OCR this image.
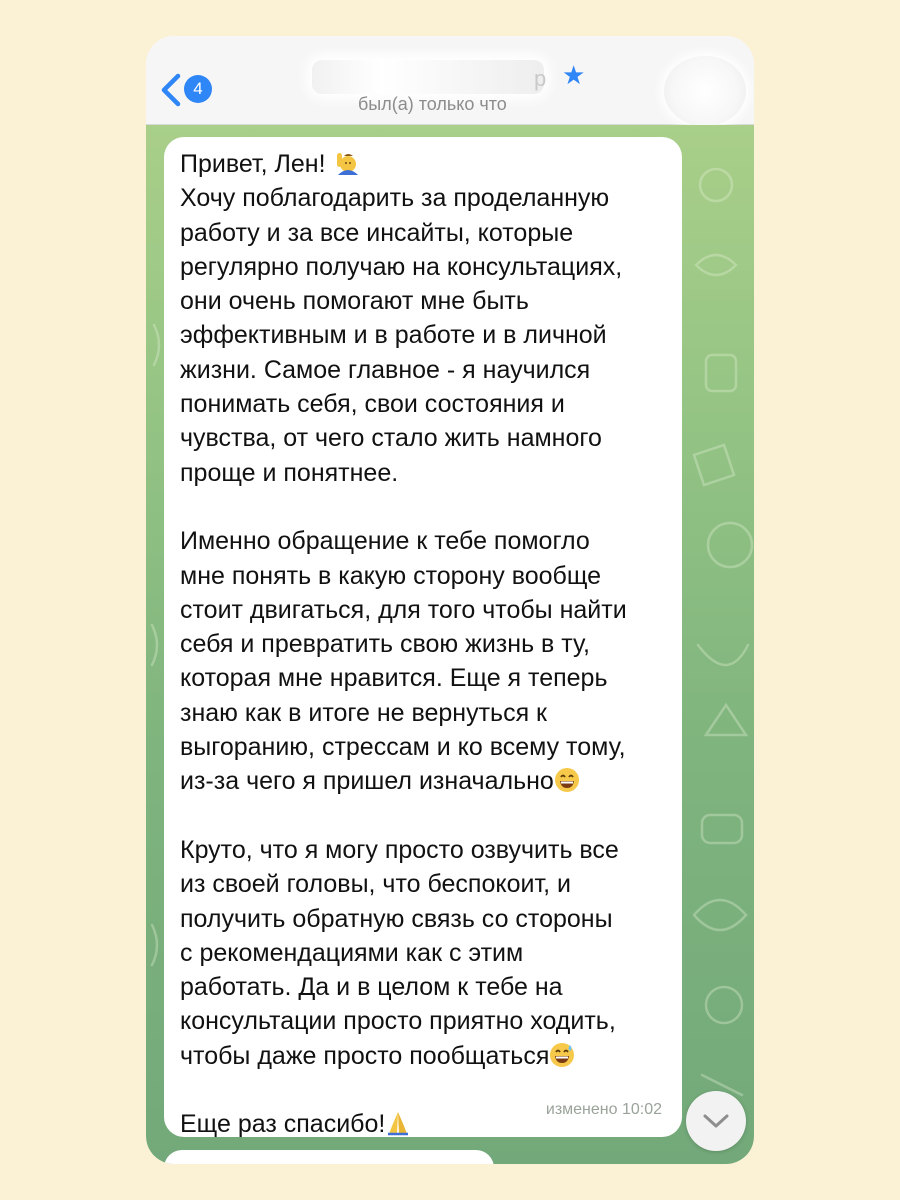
4	р ★
был(а) только что

Привет, Лен!
Хочу поблагодарить за проделанную
работу и за все инсайты, которые
регулярно получаю на консультациях,
они очень помогают мне быть
эффективным и в работе и в личной
жизни. Самое главное - я научился
понимать себя, свои состояния и
чувства, от чего стало жить намного
проще и понятнее.

Именно обращение к тебе помогло
мне понять в какую сторону вообще
стоит двигаться, для того чтобы найти
себя и превратить свою жизнь в ту,
которая мне нравится. Еще я теперь
знаю как в итоге не вернуться к
выгоранию, стрессам и ко всему тому,
из-за чего я пришел изначально

Круто, что я могу просто озвучить все
из своей головы, что беспокоит, и
получить обратную связь со стороны
с рекомендациями как с этим
работать. Да и в целом к тебе на
консультации просто приятно ходить,
чтобы даже просто пообщаться

Еще раз спасибо!

изменено 10:02
